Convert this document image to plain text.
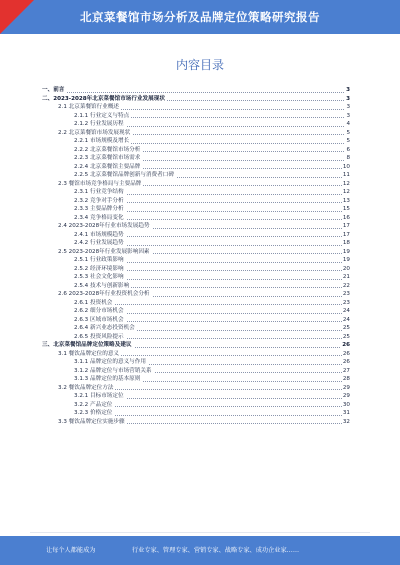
北京菜餐馆市场分析及品牌定位策略研究报告
内容目录
一、前言	3
二、2023-2028年北京菜餐馆市场行业发展现状	3
2.1 北京菜餐馆行业概述	3
2.1.1 行业定义与特点	3
2.1.2 行业发展历程	4
2.2 北京菜餐馆市场发展现状	5
2.2.1 市场规模及增长	5
2.2.2 北京菜餐馆市场分析	6
2.2.3 北京菜餐馆市场需求	8
2.2.4 北京菜餐馆主要品牌	10
2.2.5 北京菜餐馆品牌创新与消费者口碑	11
2.3 餐馆市场竞争格局与主要品牌	12
2.3.1 行业竞争结构	12
2.3.2 竞争对手分析	13
2.3.3 主要品牌分析	15
2.3.4 竞争格局变化	16
2.4 2023-2028年行业市场发展趋势	17
2.4.1 市场规模趋势	17
2.4.2 行业发展趋势	18
2.5 2023-2028年行业发展影响因素	19
2.5.1 行业政策影响	19
2.5.2 经济环境影响	20
2.5.3 社会文化影响	21
2.5.4 技术与创新影响	22
2.6 2023-2028年行业投资机会分析	23
2.6.1 投资机会	23
2.6.2 细分市场机会	24
2.6.3 区域市场机会	24
2.6.4 新兴业态投资机会	25
2.6.5 投资风险提示	25
三、北京菜餐馆品牌定位策略及建议	26
3.1 餐饮品牌定位的意义	26
3.1.1 品牌定位的意义与作用	26
3.1.2 品牌定位与市场营销关系	27
3.1.3 品牌定位的基本原则	28
3.2 餐饮品牌定位方法	29
3.2.1 目标市场定位	29
3.2.2 产品定位	30
3.2.3 价格定位	31
3.3 餐饮品牌定位实施步骤	32
让每个人都能成为	行业专家、管理专家、营销专家、战略专家、成功企业家……
